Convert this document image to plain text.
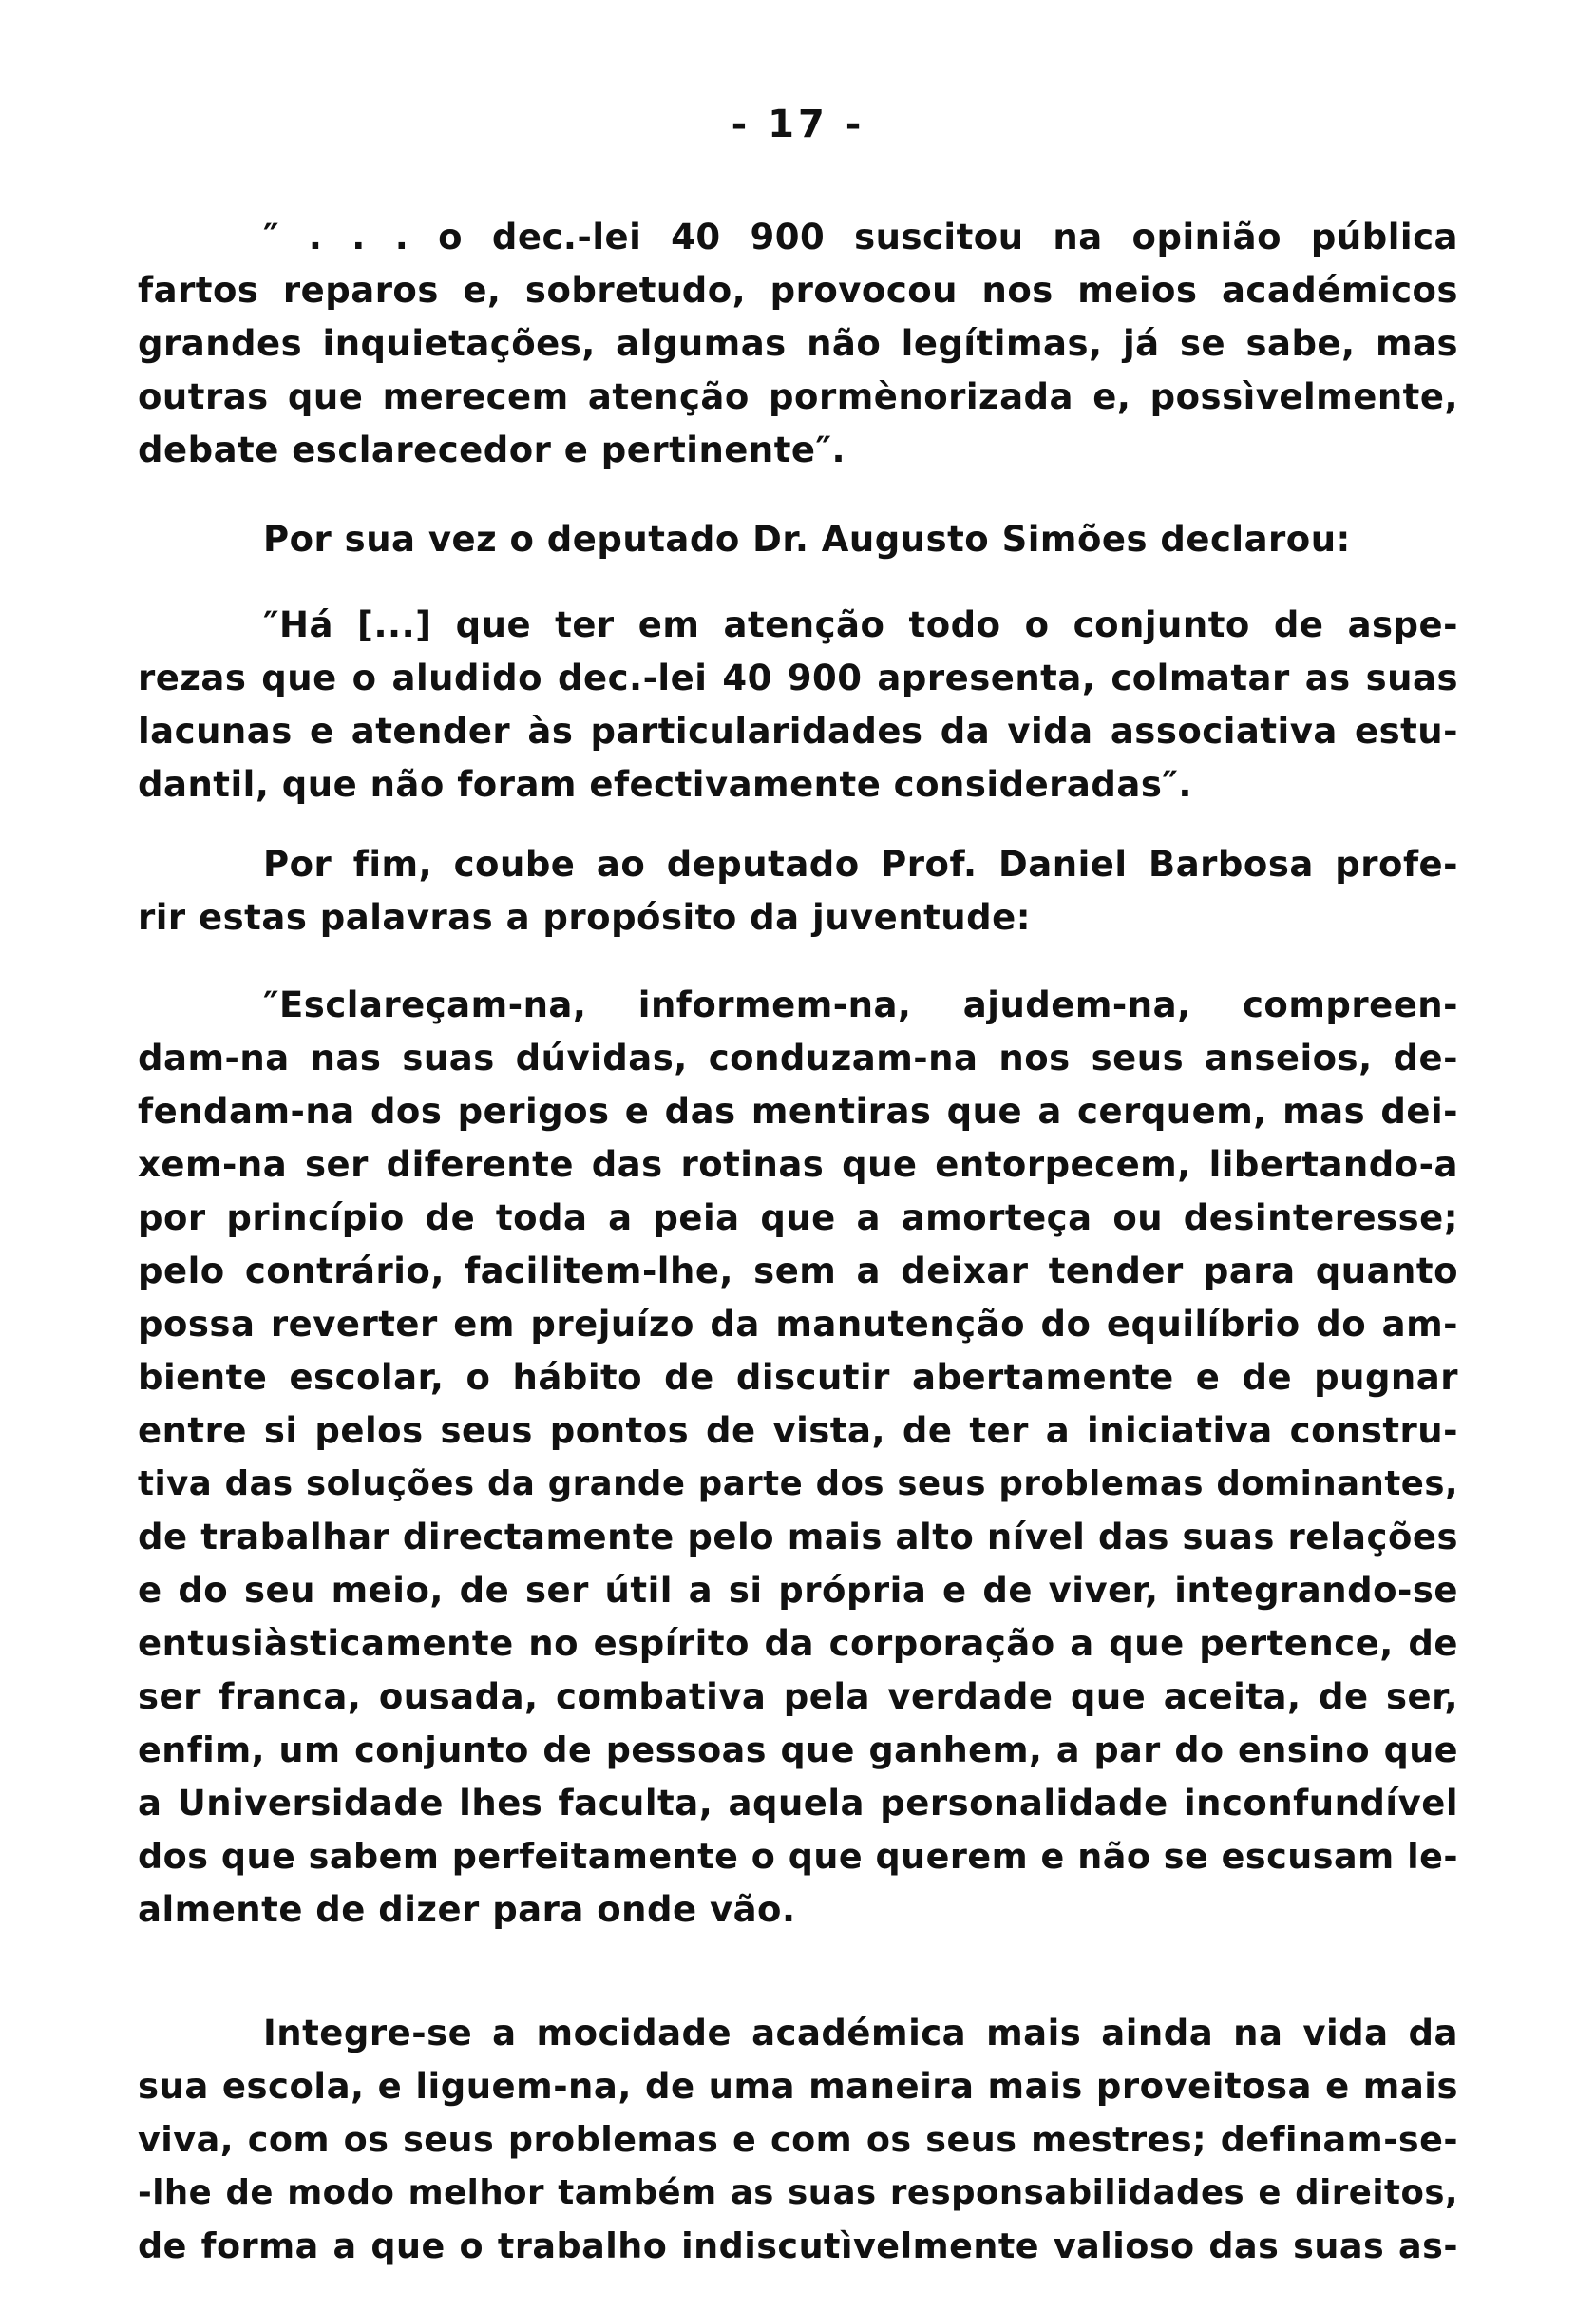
- 17 -
″ . . . o dec.-lei 40 900 suscitou na opinião pública
fartos reparos e, sobretudo, provocou nos meios académicos
grandes inquietações, algumas não legítimas, já se sabe, mas
outras que merecem atenção pormènorizada e, possìvelmente,
debate esclarecedor e pertinente″.
Por sua vez o deputado Dr. Augusto Simões declarou:
″Há [...] que ter em atenção todo o conjunto de aspe-
rezas que o aludido dec.-lei 40 900 apresenta, colmatar as suas
lacunas e atender às particularidades da vida associativa estu-
dantil, que não foram efectivamente consideradas″.
Por fim, coube ao deputado Prof. Daniel Barbosa profe-
rir estas palavras a propósito da juventude:
″Esclareçam-na, informem-na, ajudem-na, compreen-
dam-na nas suas dúvidas, conduzam-na nos seus anseios, de-
fendam-na dos perigos e das mentiras que a cerquem, mas dei-
xem-na ser diferente das rotinas que entorpecem, libertando-a
por princípio de toda a peia que a amorteça ou desinteresse;
pelo contrário, facilitem-lhe, sem a deixar tender para quanto
possa reverter em prejuízo da manutenção do equilíbrio do am-
biente escolar, o hábito de discutir abertamente e de pugnar
entre si pelos seus pontos de vista, de ter a iniciativa constru-
tiva das soluções da grande parte dos seus problemas dominantes,
de trabalhar directamente pelo mais alto nível das suas relações
e do seu meio, de ser útil a si própria e de viver, integrando-se
entusiàsticamente no espírito da corporação a que pertence, de
ser franca, ousada, combativa pela verdade que aceita, de ser,
enfim, um conjunto de pessoas que ganhem, a par do ensino que
a Universidade lhes faculta, aquela personalidade inconfundível
dos que sabem perfeitamente o que querem e não se escusam le-
almente de dizer para onde vão.
Integre-se a mocidade académica mais ainda na vida da
sua escola, e liguem-na, de uma maneira mais proveitosa e mais
viva, com os seus problemas e com os seus mestres; definam-se-
-lhe de modo melhor também as suas responsabilidades e direitos,
de forma a que o trabalho indiscutìvelmente valioso das suas as-
